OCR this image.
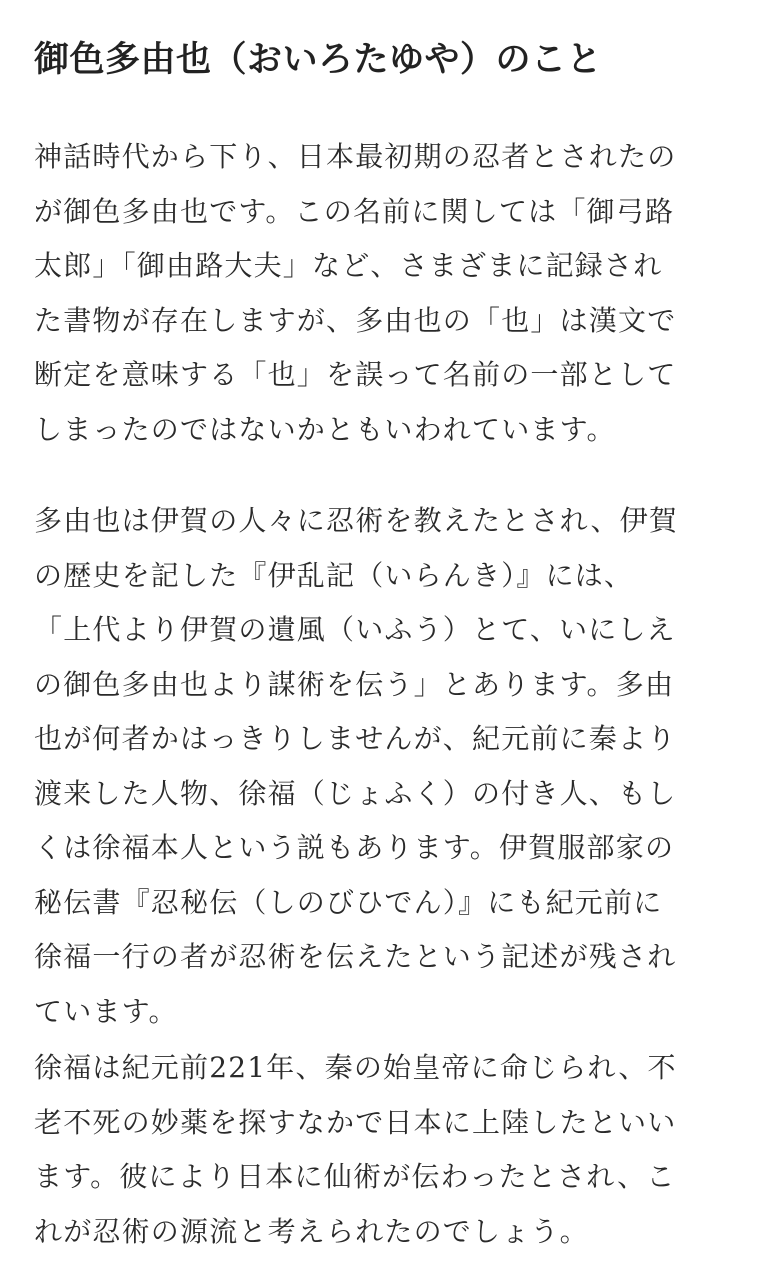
御色多由也（おいろたゆや）のこと

神話時代から下り、日本最初期の忍者とされたの
が御色多由也です。この名前に関しては「御弓路
太郎」「御由路大夫」など、さまざまに記録され
た書物が存在しますが、多由也の「也」は漢文で
断定を意味する「也」を誤って名前の一部として
しまったのではないかともいわれています。

多由也は伊賀の人々に忍術を教えたとされ、伊賀
の歴史を記した『伊乱記（いらんき）』には、
「上代より伊賀の遺風（いふう）とて、いにしえ
の御色多由也より謀術を伝う」とあります。多由
也が何者かはっきりしませんが、紀元前に秦より
渡来した人物、徐福（じょふく）の付き人、もし
くは徐福本人という説もあります。伊賀服部家の
秘伝書『忍秘伝（しのびひでん）』にも紀元前に
徐福一行の者が忍術を伝えたという記述が残され
ています。

徐福は紀元前221年、秦の始皇帝に命じられ、不
老不死の妙薬を探すなかで日本に上陸したといい
ます。彼により日本に仙術が伝わったとされ、こ
れが忍術の源流と考えられたのでしょう。
